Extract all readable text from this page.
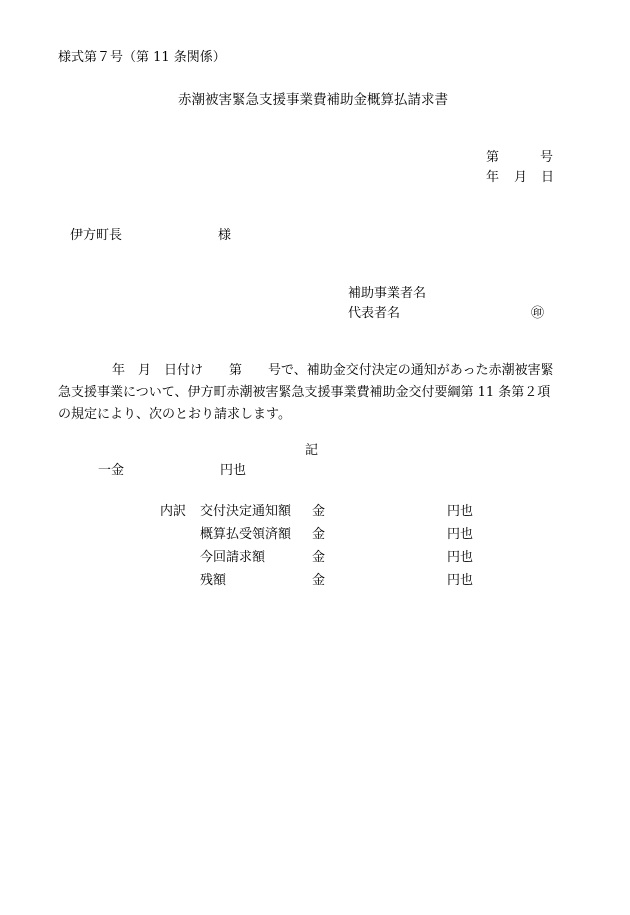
様式第７号（第 11 条関係）
赤潮被害緊急支援事業費補助金概算払請求書
第	号
年 月 日
伊方町長	様
補助事業者名
代表者名	㊞
年　月　日付け　　第　　号で、補助金交付決定の通知があった赤潮被害緊
急支援事業について、伊方町赤潮被害緊急支援事業費補助金交付要綱第 11 条第２項
の規定により、次のとおり請求します。
記
一金	円也
内訳 交付決定通知額 金	円也
概算払受領済額 金	円也
今回請求額	金	円也
残額	金	円也
